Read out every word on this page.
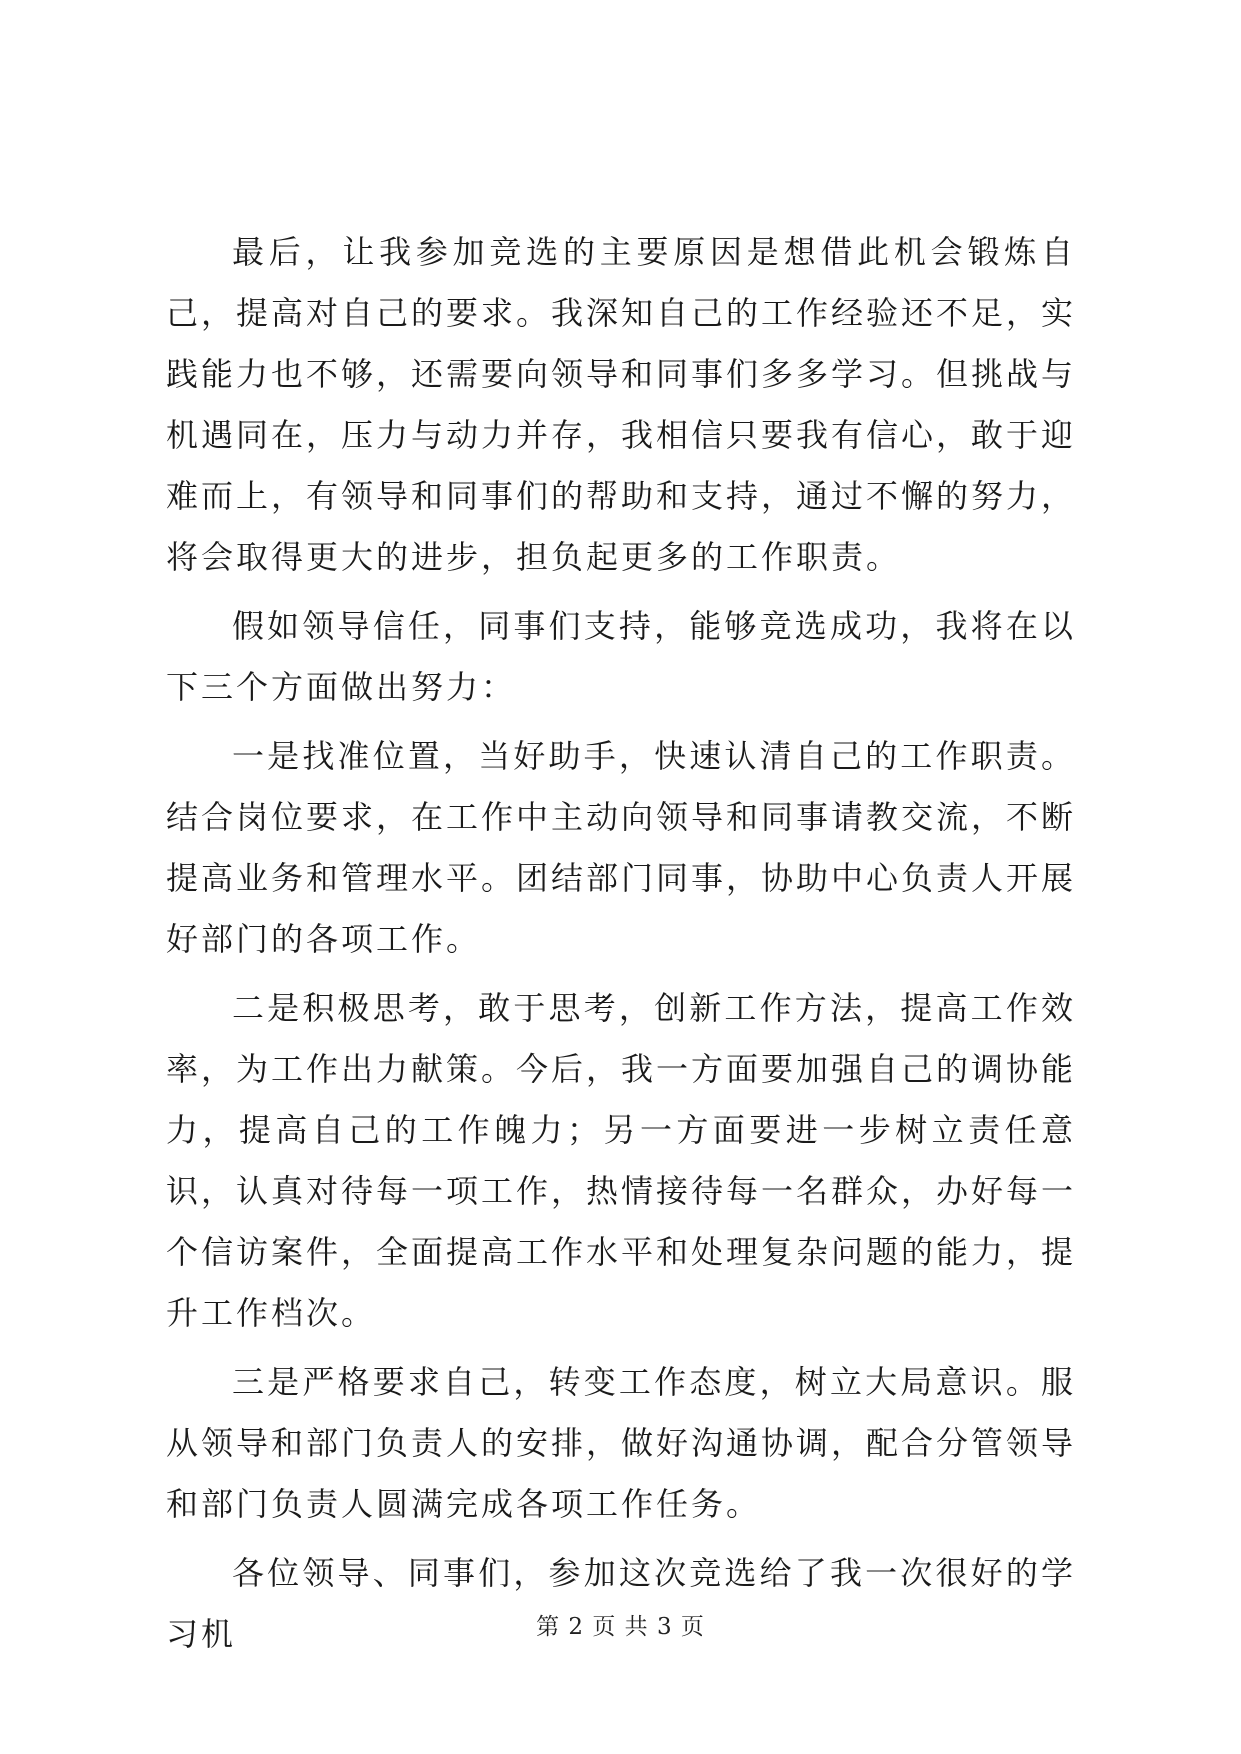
最后，让我参加竞选的主要原因是想借此机会锻炼自己，提高对自己的要求。我深知自己的工作经验还不足，实践能力也不够，还需要向领导和同事们多多学习。但挑战与机遇同在，压力与动力并存，我相信只要我有信心，敢于迎难而上，有领导和同事们的帮助和支持，通过不懈的努力，将会取得更大的进步，担负起更多的工作职责。

假如领导信任，同事们支持，能够竞选成功，我将在以下三个方面做出努力：

一是找准位置，当好助手，快速认清自己的工作职责。结合岗位要求，在工作中主动向领导和同事请教交流，不断提高业务和管理水平。团结部门同事，协助中心负责人开展好部门的各项工作。

二是积极思考，敢于思考，创新工作方法，提高工作效率，为工作出力献策。今后，我一方面要加强自己的调协能力，提高自己的工作魄力；另一方面要进一步树立责任意识，认真对待每一项工作，热情接待每一名群众，办好每一个信访案件，全面提高工作水平和处理复杂问题的能力，提升工作档次。

三是严格要求自己，转变工作态度，树立大局意识。服从领导和部门负责人的安排，做好沟通协调，配合分管领导和部门负责人圆满完成各项工作任务。

各位领导、同事们，参加这次竞选给了我一次很好的学习机	第 2 页 共 3 页
